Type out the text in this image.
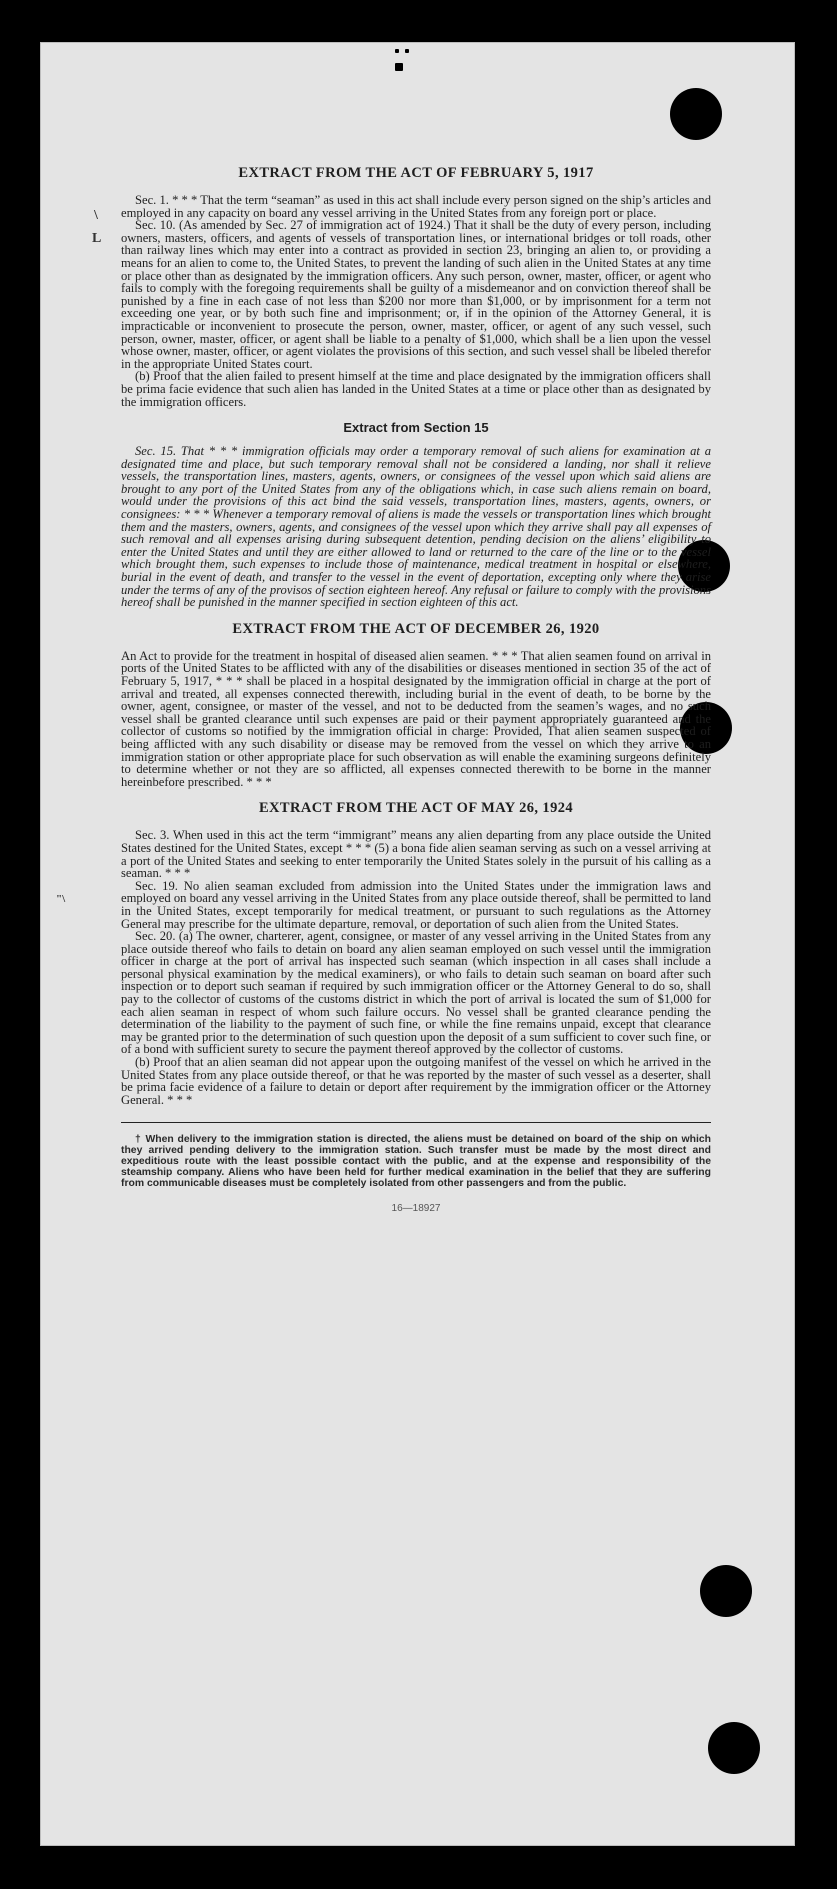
\
L
"\
EXTRACT FROM THE ACT OF FEBRUARY 5, 1917

Sec. 1. * * * That the term “seaman” as used in this act shall include every person signed on the ship’s articles and employed in any capacity on board any vessel arriving in the United States from any foreign port or place.

Sec. 10. (As amended by Sec. 27 of immigration act of 1924.) That it shall be the duty of every person, including owners, masters, officers, and agents of vessels of transportation lines, or international bridges or toll roads, other than railway lines which may enter into a contract as provided in section 23, bringing an alien to, or providing a means for an alien to come to, the United States, to prevent the landing of such alien in the United States at any time or place other than as designated by the immigration officers. Any such person, owner, master, officer, or agent who fails to comply with the foregoing requirements shall be guilty of a misdemeanor and on conviction thereof shall be punished by a fine in each case of not less than $200 nor more than $1,000, or by imprisonment for a term not exceeding one year, or by both such fine and imprisonment; or, if in the opinion of the Attorney General, it is impracticable or inconvenient to prosecute the person, owner, master, officer, or agent of any such vessel, such person, owner, master, officer, or agent shall be liable to a penalty of $1,000, which shall be a lien upon the vessel whose owner, master, officer, or agent violates the provisions of this section, and such vessel shall be libeled therefor in the appropriate United States court.

(b) Proof that the alien failed to present himself at the time and place designated by the immigration officers shall be prima facie evidence that such alien has landed in the United States at a time or place other than as designated by the immigration officers.

Extract from Section 15

Sec. 15. That * * * immigration officials may order a temporary removal of such aliens for examination at a designated time and place, but such temporary removal shall not be considered a landing, nor shall it relieve vessels, the transportation lines, masters, agents, owners, or consignees of the vessel upon which said aliens are brought to any port of the United States from any of the obligations which, in case such aliens remain on board, would under the provisions of this act bind the said vessels, transportation lines, masters, agents, owners, or consignees: * * * Whenever a temporary removal of aliens is made the vessels or transportation lines which brought them and the masters, owners, agents, and consignees of the vessel upon which they arrive shall pay all expenses of such removal and all expenses arising during subsequent detention, pending decision on the aliens’ eligibility to enter the United States and until they are either allowed to land or returned to the care of the line or to the vessel which brought them, such expenses to include those of maintenance, medical treatment in hospital or elsewhere, burial in the event of death, and transfer to the vessel in the event of deportation, excepting only where they arise under the terms of any of the provisos of section eighteen hereof. Any refusal or failure to comply with the provisions hereof shall be punished in the manner specified in section eighteen of this act.

EXTRACT FROM THE ACT OF DECEMBER 26, 1920

An Act to provide for the treatment in hospital of diseased alien seamen. * * * That alien seamen found on arrival in ports of the United States to be afflicted with any of the disabilities or diseases mentioned in section 35 of the act of February 5, 1917, * * * shall be placed in a hospital designated by the immigration official in charge at the port of arrival and treated, all expenses connected therewith, including burial in the event of death, to be borne by the owner, agent, consignee, or master of the vessel, and not to be deducted from the seamen’s wages, and no such vessel shall be granted clearance until such expenses are paid or their payment appropriately guaranteed and the collector of customs so notified by the immigration official in charge: Provided, That alien seamen suspected of being afflicted with any such disability or disease may be removed from the vessel on which they arrive to an immigration station or other appropriate place for such observation as will enable the examining surgeons definitely to determine whether or not they are so afflicted, all expenses connected therewith to be borne in the manner hereinbefore prescribed. * * *

EXTRACT FROM THE ACT OF MAY 26, 1924

Sec. 3. When used in this act the term “immigrant” means any alien departing from any place outside the United States destined for the United States, except * * * (5) a bona fide alien seaman serving as such on a vessel arriving at a port of the United States and seeking to enter temporarily the United States solely in the pursuit of his calling as a seaman. * * *

Sec. 19. No alien seaman excluded from admission into the United States under the immigration laws and employed on board any vessel arriving in the United States from any place outside thereof, shall be permitted to land in the United States, except temporarily for medical treatment, or pursuant to such regulations as the Attorney General may prescribe for the ultimate departure, removal, or deportation of such alien from the United States.

Sec. 20. (a) The owner, charterer, agent, consignee, or master of any vessel arriving in the United States from any place outside thereof who fails to detain on board any alien seaman employed on such vessel until the immigration officer in charge at the port of arrival has inspected such seaman (which inspection in all cases shall include a personal physical examination by the medical examiners), or who fails to detain such seaman on board after such inspection or to deport such seaman if required by such immigration officer or the Attorney General to do so, shall pay to the collector of customs of the customs district in which the port of arrival is located the sum of $1,000 for each alien seaman in respect of whom such failure occurs. No vessel shall be granted clearance pending the determination of the liability to the payment of such fine, or while the fine remains unpaid, except that clearance may be granted prior to the determination of such question upon the deposit of a sum sufficient to cover such fine, or of a bond with sufficient surety to secure the payment thereof approved by the collector of customs.

(b) Proof that an alien seaman did not appear upon the outgoing manifest of the vessel on which he arrived in the United States from any place outside thereof, or that he was reported by the master of such vessel as a deserter, shall be prima facie evidence of a failure to detain or deport after requirement by the immigration officer or the Attorney General. * * *

† When delivery to the immigration station is directed, the aliens must be detained on board of the ship on which they arrived pending delivery to the immigration station. Such transfer must be made by the most direct and expeditious route with the least possible contact with the public, and at the expense and responsibility of the steamship company. Aliens who have been held for further medical examination in the belief that they are suffering from communicable diseases must be completely isolated from other passengers and from the public.

16—18927
